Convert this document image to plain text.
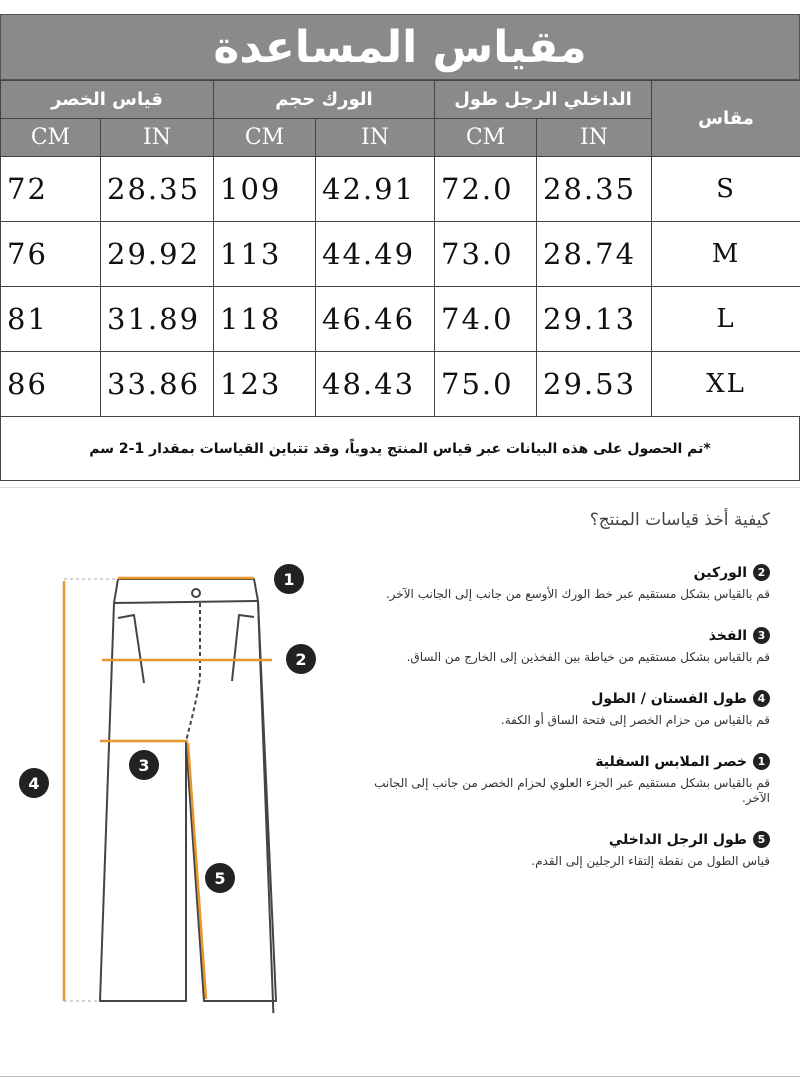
مقياس المساعدة
قياس الخصر		الورك حجم		الداخلي الرجل طول		مقاس
CM	IN	CM	IN	CM	IN	
72	28.35	109	42.91	72.0	28.35	S
76	29.92	113	44.49	73.0	28.74	M
81	31.89	118	46.46	74.0	29.13	L
86	33.86	123	48.43	75.0	29.53	XL
*تم الحصول على هذه البيانات عبر قياس المنتج يدوياً، وقد تتباين القياسات بمقدار 1-2 سم
كيفية أخذ قياسات المنتج؟
1
2
3
4
5
2
الوركين
قم بالقياس بشكل مستقيم عبر خط الورك الأوسع من جانب إلى الجانب الآخر.
3
الفخذ
قم بالقياس بشكل مستقيم من خياطة بين الفخذين إلى الخارج من الساق.
4
طول الفستان / الطول
قم بالقياس من حزام الخصر إلى فتحة الساق أو الكفة.
1
خصر الملابس السفلية
قم بالقياس بشكل مستقيم عبر الجزء العلوي لحزام الخصر من جانب إلى الجانب الآخر.
5
طول الرجل الداخلي
قياس الطول من نقطة إلتقاء الرجلين إلى القدم.
